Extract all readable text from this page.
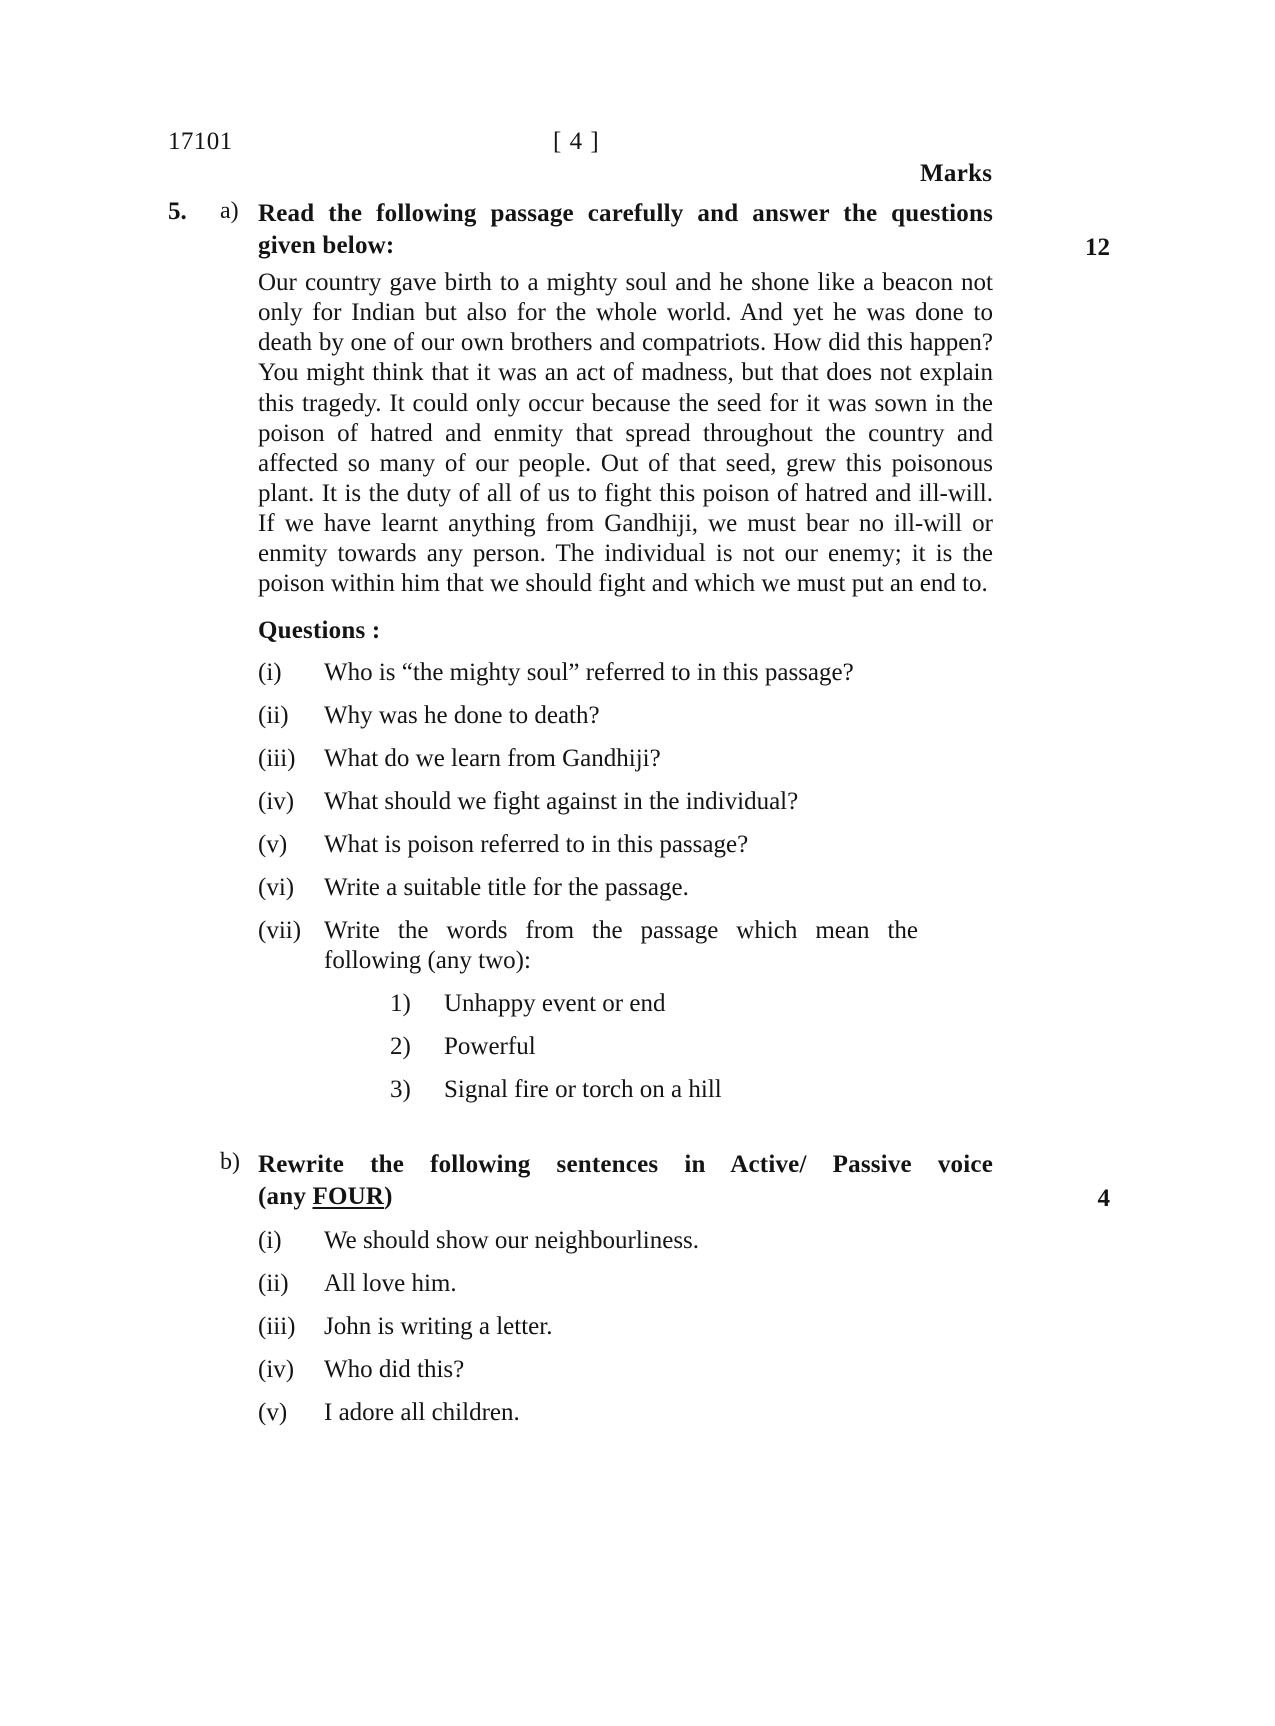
17101	[ 4 ]
Marks
5.	a) Read the following passage carefully and answer the questions given below:	12
Our country gave birth to a mighty soul and he shone like a beacon not only for Indian but also for the whole world. And yet he was done to death by one of our own brothers and compatriots. How did this happen? You might think that it was an act of madness, but that does not explain this tragedy. It could only occur because the seed for it was sown in the poison of hatred and enmity that spread throughout the country and affected so many of our people. Out of that seed, grew this poisonous plant. It is the duty of all of us to fight this poison of hatred and ill-will. If we have learnt anything from Gandhiji, we must bear no ill-will or enmity towards any person. The individual is not our enemy; it is the poison within him that we should fight and which we must put an end to.
Questions :
(i)	Who is “the mighty soul” referred to in this passage?
(ii)	Why was he done to death?
(iii)	What do we learn from Gandhiji?
(iv)	What should we fight against in the individual?
(v)	What is poison referred to in this passage?
(vi)	Write a suitable title for the passage.
(vii) Write the words from the passage which mean the following (any two):
1)	Unhappy event or end
2)	Powerful
3)	Signal fire or torch on a hill
b) Rewrite the following sentences in Active/ Passive voice (any FOUR)	4
(i)	We should show our neighbourliness.
(ii)	All love him.
(iii)	John is writing a letter.
(iv)	Who did this?
(v)	I adore all children.
